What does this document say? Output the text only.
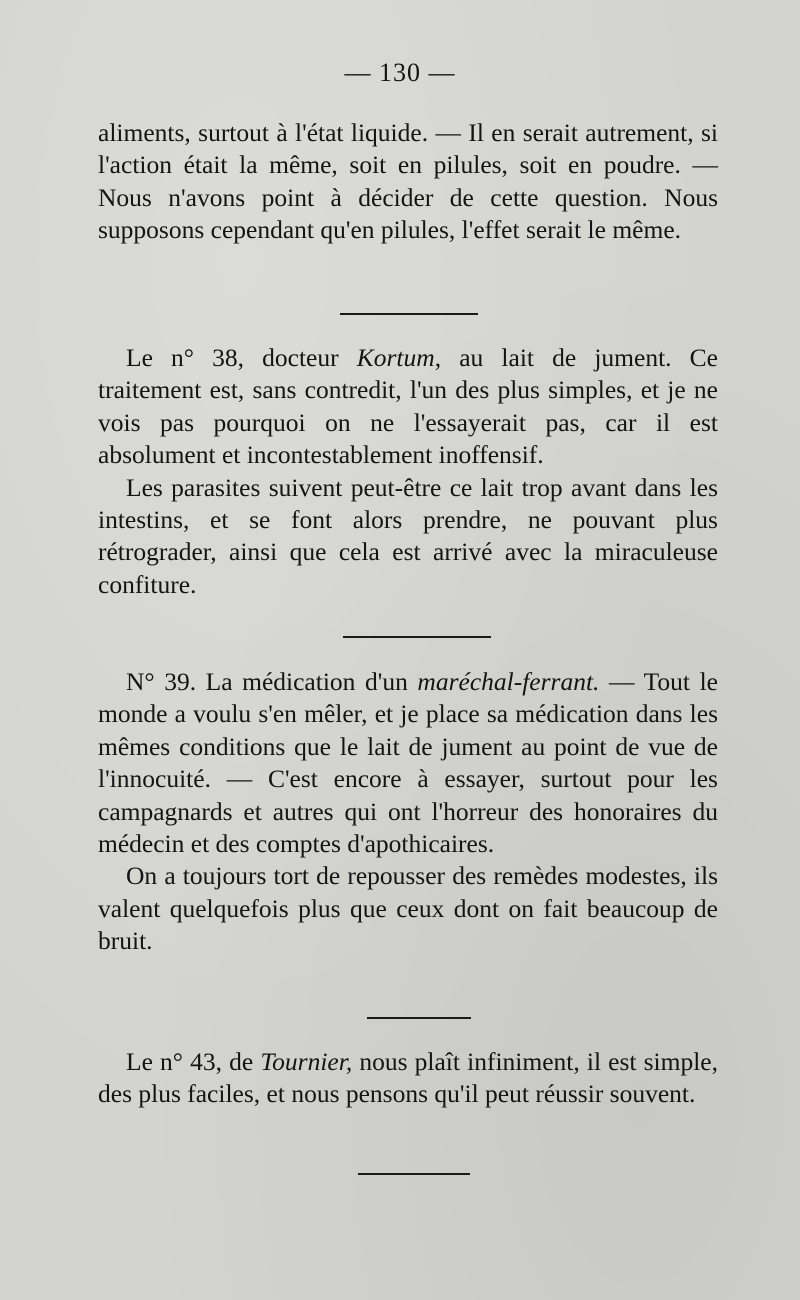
— 130 —

aliments, surtout à l'état liquide. — Il en serait autrement, si l'action était la même, soit en pilules, soit en poudre. — Nous n'avons point à décider de cette question. Nous supposons cependant qu'en pilules, l'effet serait le même.

Le n° 38, docteur Kortum, au lait de jument. Ce traitement est, sans contredit, l'un des plus simples, et je ne vois pas pourquoi on ne l'essayerait pas, car il est absolument et incontestablement inoffensif.

Les parasites suivent peut-être ce lait trop avant dans les intestins, et se font alors prendre, ne pouvant plus rétrograder, ainsi que cela est arrivé avec la miraculeuse confiture.

N° 39. La médication d'un maréchal-ferrant. — Tout le monde a voulu s'en mêler, et je place sa médication dans les mêmes conditions que le lait de jument au point de vue de l'innocuité. — C'est encore à essayer, surtout pour les campagnards et autres qui ont l'horreur des honoraires du médecin et des comptes d'apothicaires.

On a toujours tort de repousser des remèdes modestes, ils valent quelquefois plus que ceux dont on fait beaucoup de bruit.

Le n° 43, de Tournier, nous plaît infiniment, il est simple, des plus faciles, et nous pensons qu'il peut réussir souvent.
